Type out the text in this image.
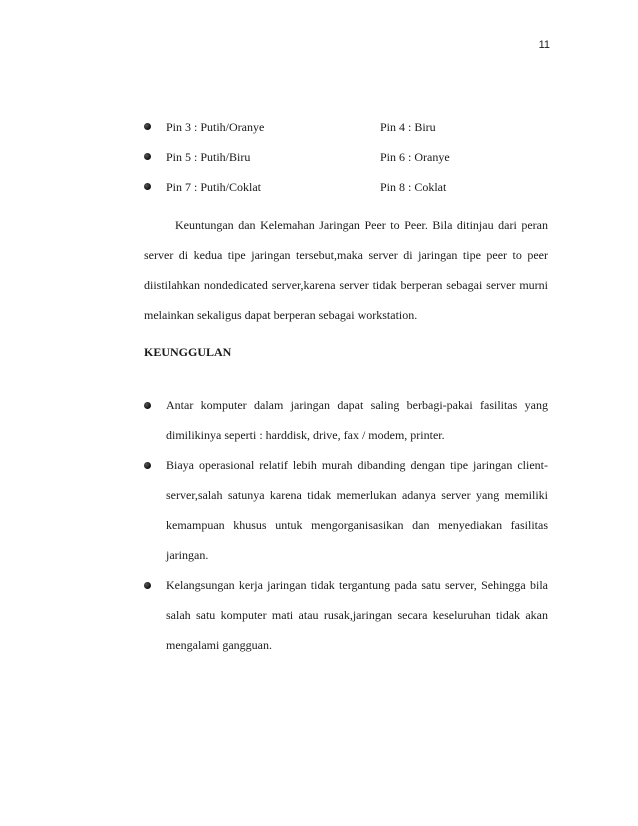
11
Pin 3 : Putih/Oranye	Pin 4 : Biru
Pin 5 : Putih/Biru	Pin 6 : Oranye
Pin 7 : Putih/Coklat	Pin 8 : Coklat

Keuntungan dan Kelemahan Jaringan Peer to Peer. Bila ditinjau dari peran server di kedua tipe jaringan tersebut,maka server di jaringan tipe peer to peer diistilahkan nondedicated server,karena server tidak berperan sebagai server murni melainkan sekaligus dapat berperan sebagai workstation.

KEUNGGULAN

Antar komputer dalam jaringan dapat saling berbagi-pakai fasilitas yang dimilikinya seperti : harddisk, drive, fax / modem, printer.

Biaya operasional relatif lebih murah dibanding dengan tipe jaringan client-server,salah satunya karena tidak memerlukan adanya server yang memiliki kemampuan khusus untuk mengorganisasikan dan menyediakan fasilitas jaringan.

Kelangsungan kerja jaringan tidak tergantung pada satu server, Sehingga bila salah satu komputer mati atau rusak,jaringan secara keseluruhan tidak akan mengalami gangguan.
